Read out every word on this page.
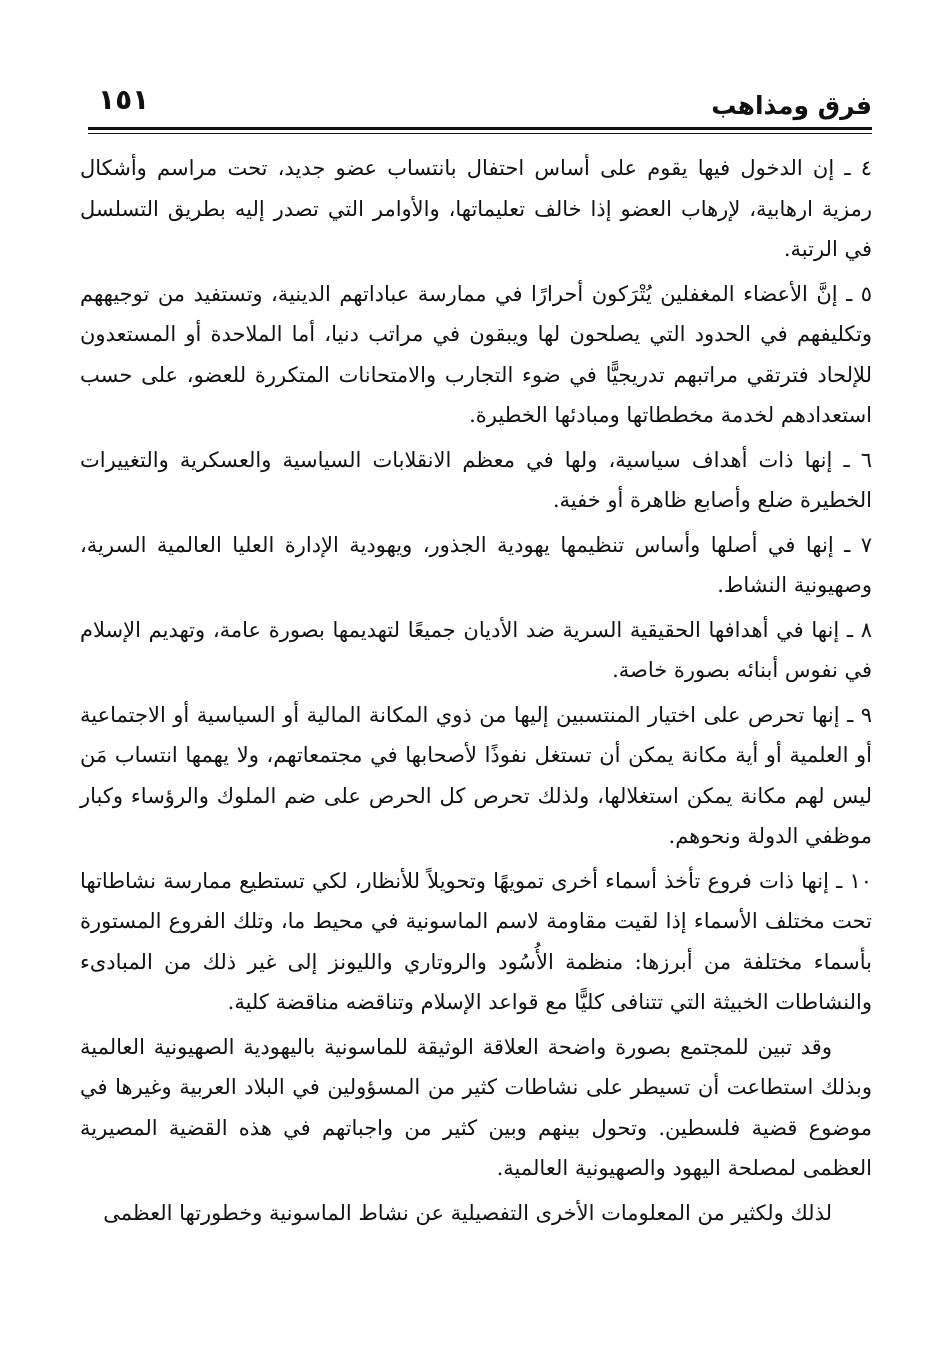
فرق ومذاهب
١٥١

٤ ـ إن الدخول فيها يقوم على أساس احتفال بانتساب عضو جديد، تحت مراسم وأشكال رمزية ارهابية، لإرهاب العضو إذا خالف تعليماتها، والأوامر التي تصدر إليه بطريق التسلسل في الرتبة.

٥ ـ إنَّ الأعضاء المغفلين يُتْرَكون أحرارًا في ممارسة عباداتهم الدينية، وتستفيد من توجيههم وتكليفهم في الحدود التي يصلحون لها ويبقون في مراتب دنيا، أما الملاحدة أو المستعدون للإلحاد فترتقي مراتبهم تدريجيًّا في ضوء التجارب والامتحانات المتكررة للعضو، على حسب استعدادهم لخدمة مخططاتها ومبادئها الخطيرة.

٦ ـ إنها ذات أهداف سياسية، ولها في معظم الانقلابات السياسية والعسكرية والتغييرات الخطيرة ضلع وأصابع ظاهرة أو خفية.

٧ ـ إنها في أصلها وأساس تنظيمها يهودية الجذور، ويهودية الإدارة العليا العالمية السرية، وصهيونية النشاط.

٨ ـ إنها في أهدافها الحقيقية السرية ضد الأديان جميعًا لتهديمها بصورة عامة، وتهديم الإسلام في نفوس أبنائه بصورة خاصة.

٩ ـ إنها تحرص على اختيار المنتسبين إليها من ذوي المكانة المالية أو السياسية أو الاجتماعية أو العلمية أو أية مكانة يمكن أن تستغل نفوذًا لأصحابها في مجتمعاتهم، ولا يهمها انتساب مَن ليس لهم مكانة يمكن استغلالها، ولذلك تحرص كل الحرص على ضم الملوك والرؤساء وكبار موظفي الدولة ونحوهم.

١٠ ـ إنها ذات فروع تأخذ أسماء أخرى تمويهًا وتحويلاً للأنظار، لكي تستطيع ممارسة نشاطاتها تحت مختلف الأسماء إذا لقيت مقاومة لاسم الماسونية في محيط ما، وتلك الفروع المستورة بأسماء مختلفة من أبرزها: منظمة الأُسُود والروتاري والليونز إلى غير ذلك من المبادىء والنشاطات الخبيثة التي تتنافى كليًّا مع قواعد الإسلام وتناقضه مناقضة كلية.

وقد تبين للمجتمع بصورة واضحة العلاقة الوثيقة للماسونية باليهودية الصهيونية العالمية وبذلك استطاعت أن تسيطر على نشاطات كثير من المسؤولين في البلاد العربية وغيرها في موضوع قضية فلسطين. وتحول بينهم وبين كثير من واجباتهم في هذه القضية المصيرية العظمى لمصلحة اليهود والصهيونية العالمية.

لذلك ولكثير من المعلومات الأخرى التفصيلية عن نشاط الماسونية وخطورتها العظمى
